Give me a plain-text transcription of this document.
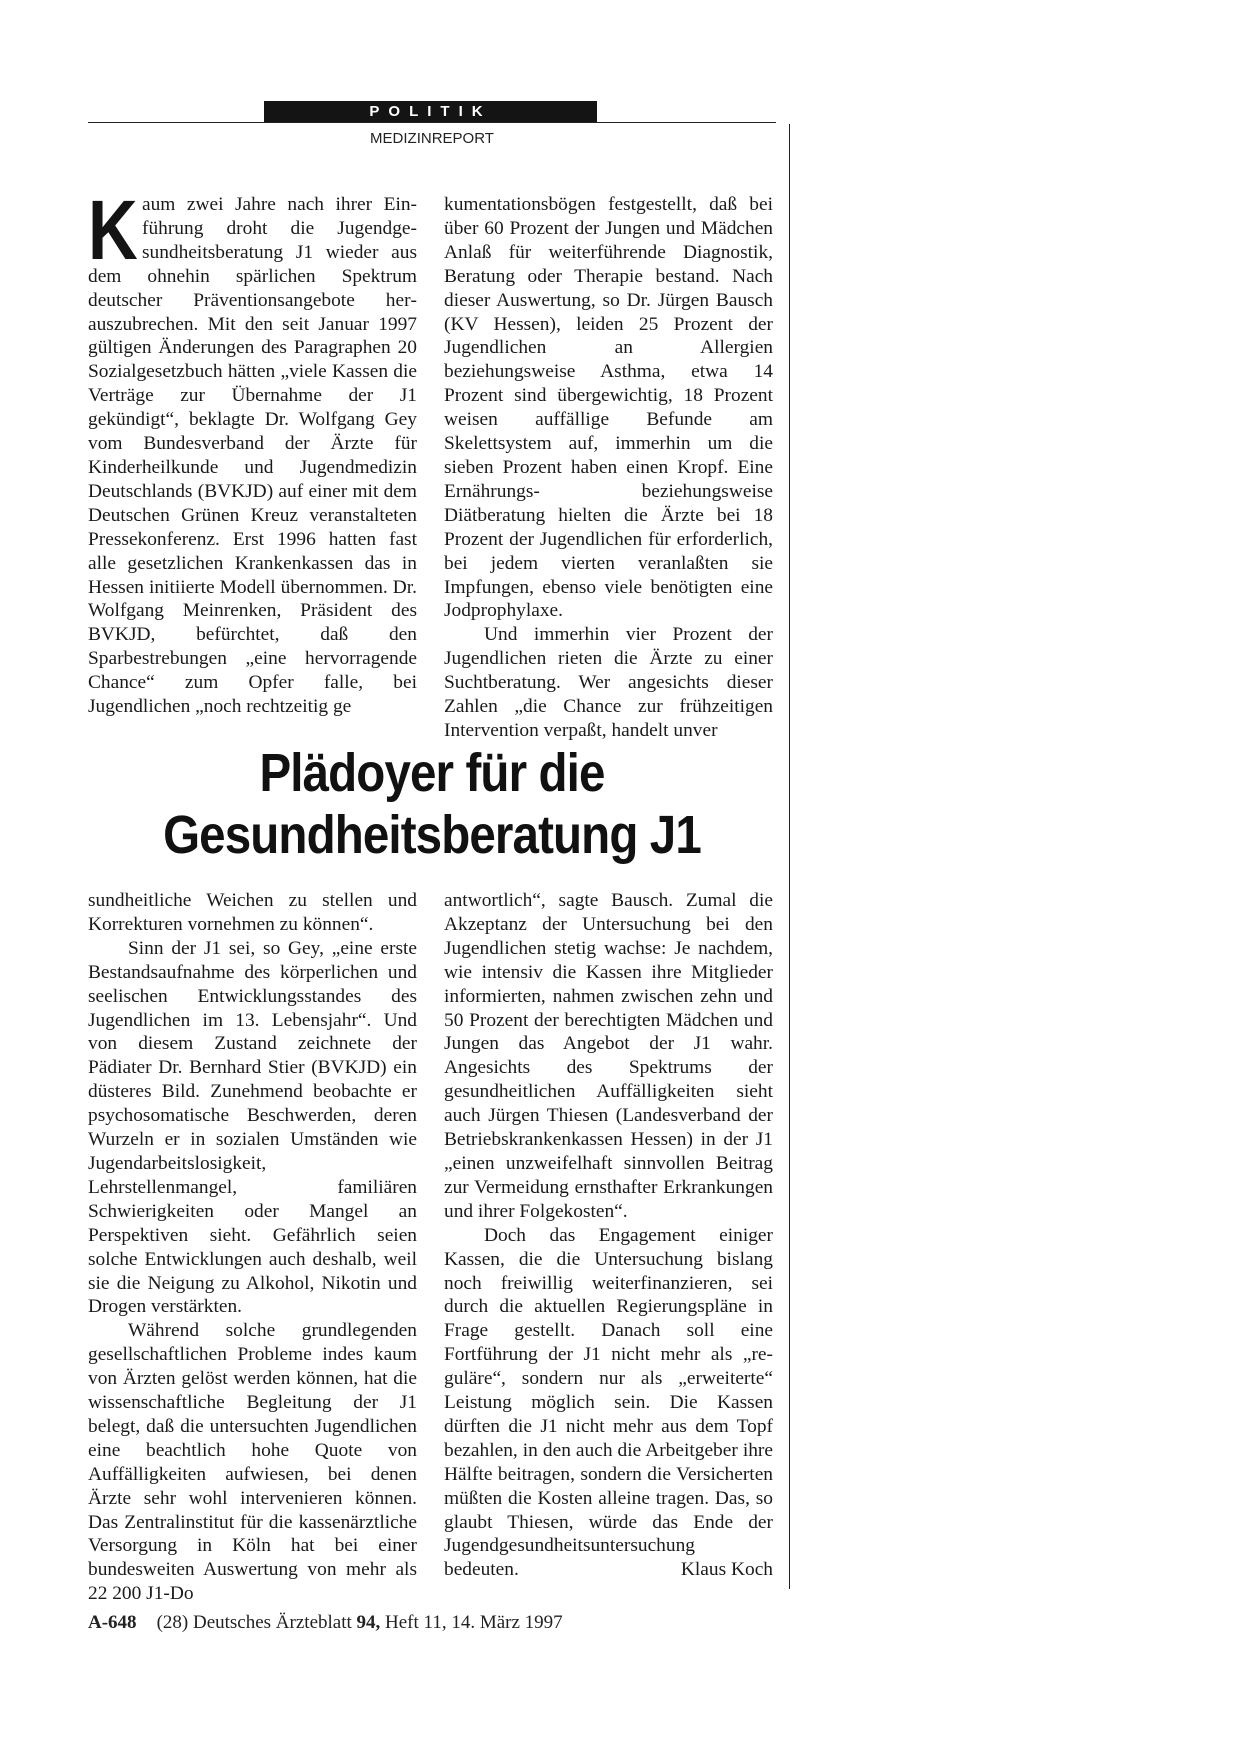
POLITIK
MEDIZINREPORT

Kaum zwei Jahre nach ihrer Einführung droht die Jugendgesundheitsberatung J1 wieder aus dem ohnehin spärlichen Spektrum deutscher Präventionsangebote herauszubrechen. Mit den seit Januar 1997 gültigen Änderungen des Paragraphen 20 Sozialgesetzbuch hätten „viele Kassen die Verträge zur Übernahme der J1 gekündigt“, beklagte Dr. Wolfgang Gey vom Bundesverband der Ärzte für Kinderheilkunde und Jugendmedizin Deutschlands (BVKJD) auf einer mit dem Deutschen Grünen Kreuz veranstalteten Pressekonferenz. Erst 1996 hatten fast alle gesetzlichen Krankenkassen das in Hessen initiierte Modell übernommen. Dr. Wolfgang Meinrenken, Präsident des BVKJD, befürchtet, daß den Sparbestrebungen „eine hervorragende Chance“ zum Opfer falle, bei Jugendlichen „noch rechtzeitig ge

kumentationsbögen festgestellt, daß bei über 60 Prozent der Jungen und Mädchen Anlaß für weiterführende Diagnostik, Beratung oder Therapie bestand. Nach dieser Auswertung, so Dr. Jürgen Bausch (KV Hessen), leiden 25 Prozent der Jugendlichen an Allergien beziehungsweise Asthma, etwa 14 Prozent sind übergewichtig, 18 Prozent weisen auffällige Befunde am Skelettsystem auf, immerhin um die sieben Prozent haben einen Kropf. Eine Ernährungs- beziehungsweise Diätberatung hielten die Ärzte bei 18 Prozent der Jugendlichen für erforderlich, bei jedem vierten veranlaßten sie Impfungen, ebenso viele benötigten eine Jodprophylaxe.

Und immerhin vier Prozent der Jugendlichen rieten die Ärzte zu einer Suchtberatung. Wer angesichts dieser Zahlen „die Chance zur frühzeitigen Intervention verpaßt, handelt unver

Plädoyer für die
Gesundheitsberatung J1

sundheitliche Weichen zu stellen und Korrekturen vornehmen zu können“.

Sinn der J1 sei, so Gey, „eine erste Bestandsaufnahme des körperlichen und seelischen Entwicklungsstandes des Jugendlichen im 13. Lebensjahr“. Und von diesem Zustand zeichnete der Pädiater Dr. Bernhard Stier (BVKJD) ein düsteres Bild. Zunehmend beobachte er psychosomatische Beschwerden, deren Wurzeln er in sozialen Umständen wie Jugendarbeitslosigkeit, Lehrstellenmangel, familiären Schwierigkeiten oder Mangel an Perspektiven sieht. Gefährlich seien solche Entwicklungen auch deshalb, weil sie die Neigung zu Alkohol, Nikotin und Drogen verstärkten.

Während solche grundlegenden gesellschaftlichen Probleme indes kaum von Ärzten gelöst werden können, hat die wissenschaftliche Begleitung der J1 belegt, daß die untersuchten Jugendlichen eine beachtlich hohe Quote von Auffälligkeiten aufwiesen, bei denen Ärzte sehr wohl intervenieren können. Das Zentralinstitut für die kassenärztliche Versorgung in Köln hat bei einer bundesweiten Auswertung von mehr als 22 200 J1-Do

antwortlich“, sagte Bausch. Zumal die Akzeptanz der Untersuchung bei den Jugendlichen stetig wachse: Je nachdem, wie intensiv die Kassen ihre Mitglieder informierten, nahmen zwischen zehn und 50 Prozent der berechtigten Mädchen und Jungen das Angebot der J1 wahr. Angesichts des Spektrums der gesundheitlichen Auffälligkeiten sieht auch Jürgen Thiesen (Landesverband der Betriebskrankenkassen Hessen) in der J1 „einen unzweifelhaft sinnvollen Beitrag zur Vermeidung ernsthafter Erkrankungen und ihrer Folgekosten“.

Doch das Engagement einiger Kassen, die die Untersuchung bislang noch freiwillig weiterfinanzieren, sei durch die aktuellen Regierungspläne in Frage gestellt. Danach soll eine Fortführung der J1 nicht mehr als „reguläre“, sondern nur als „erweiterte“ Leistung möglich sein. Die Kassen dürften die J1 nicht mehr aus dem Topf bezahlen, in den auch die Arbeitgeber ihre Hälfte beitragen, sondern die Versicherten müßten die Kosten alleine tragen. Das, so glaubt Thiesen, würde das Ende der Jugendgesundheitsuntersuchung bedeuten.	Klaus Koch

A-648 (28) Deutsches Ärzteblatt 94, Heft 11, 14. März 1997
